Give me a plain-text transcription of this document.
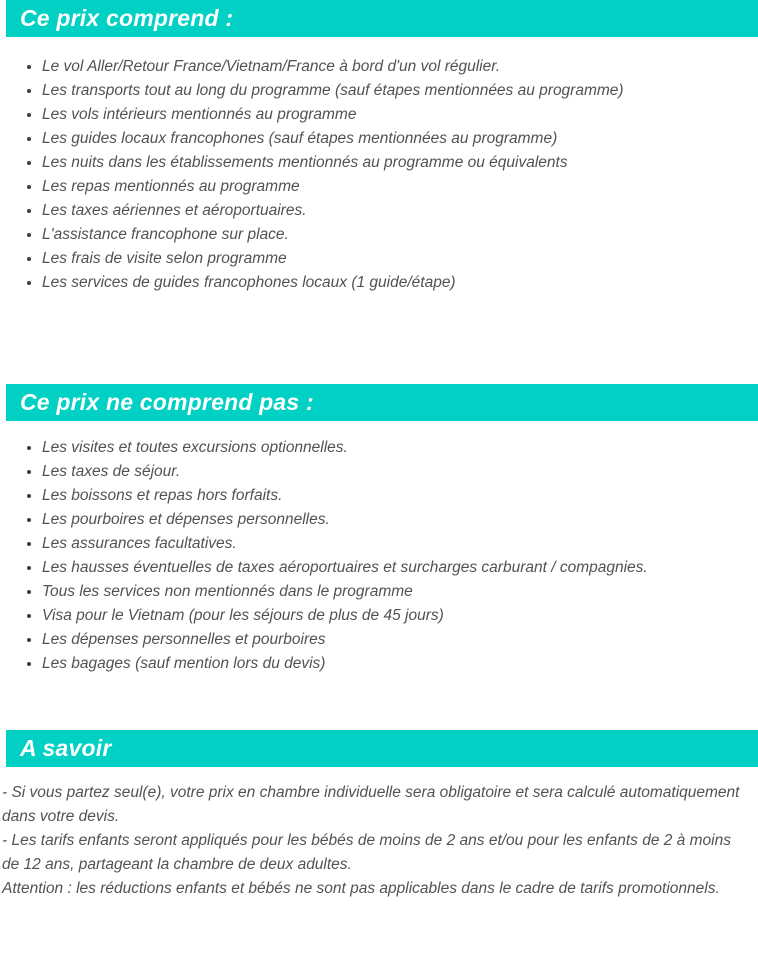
Ce prix comprend :
• Le vol Aller/Retour France/Vietnam/France à bord d'un vol régulier.
• Les transports tout au long du programme (sauf étapes mentionnées au programme)
• Les vols intérieurs mentionnés au programme
• Les guides locaux francophones (sauf étapes mentionnées au programme)
• Les nuits dans les établissements mentionnés au programme ou équivalents
• Les repas mentionnés au programme
• Les taxes aériennes et aéroportuaires.
• L'assistance francophone sur place.
• Les frais de visite selon programme
• Les services de guides francophones locaux (1 guide/étape)
Ce prix ne comprend pas :
• Les visites et toutes excursions optionnelles.
• Les taxes de séjour.
• Les boissons et repas hors forfaits.
• Les pourboires et dépenses personnelles.
• Les assurances facultatives.
• Les hausses éventuelles de taxes aéroportuaires et surcharges carburant / compagnies.
• Tous les services non mentionnés dans le programme
• Visa pour le Vietnam (pour les séjours de plus de 45 jours)
• Les dépenses personnelles et pourboires
• Les bagages (sauf mention lors du devis)
A savoir

- Si vous partez seul(e), votre prix en chambre individuelle sera obligatoire et sera calculé automatiquement dans votre devis.

- Les tarifs enfants seront appliqués pour les bébés de moins de 2 ans et/ou pour les enfants de 2 à moins de 12 ans, partageant la chambre de deux adultes.

Attention : les réductions enfants et bébés ne sont pas applicables dans le cadre de tarifs promotionnels.
